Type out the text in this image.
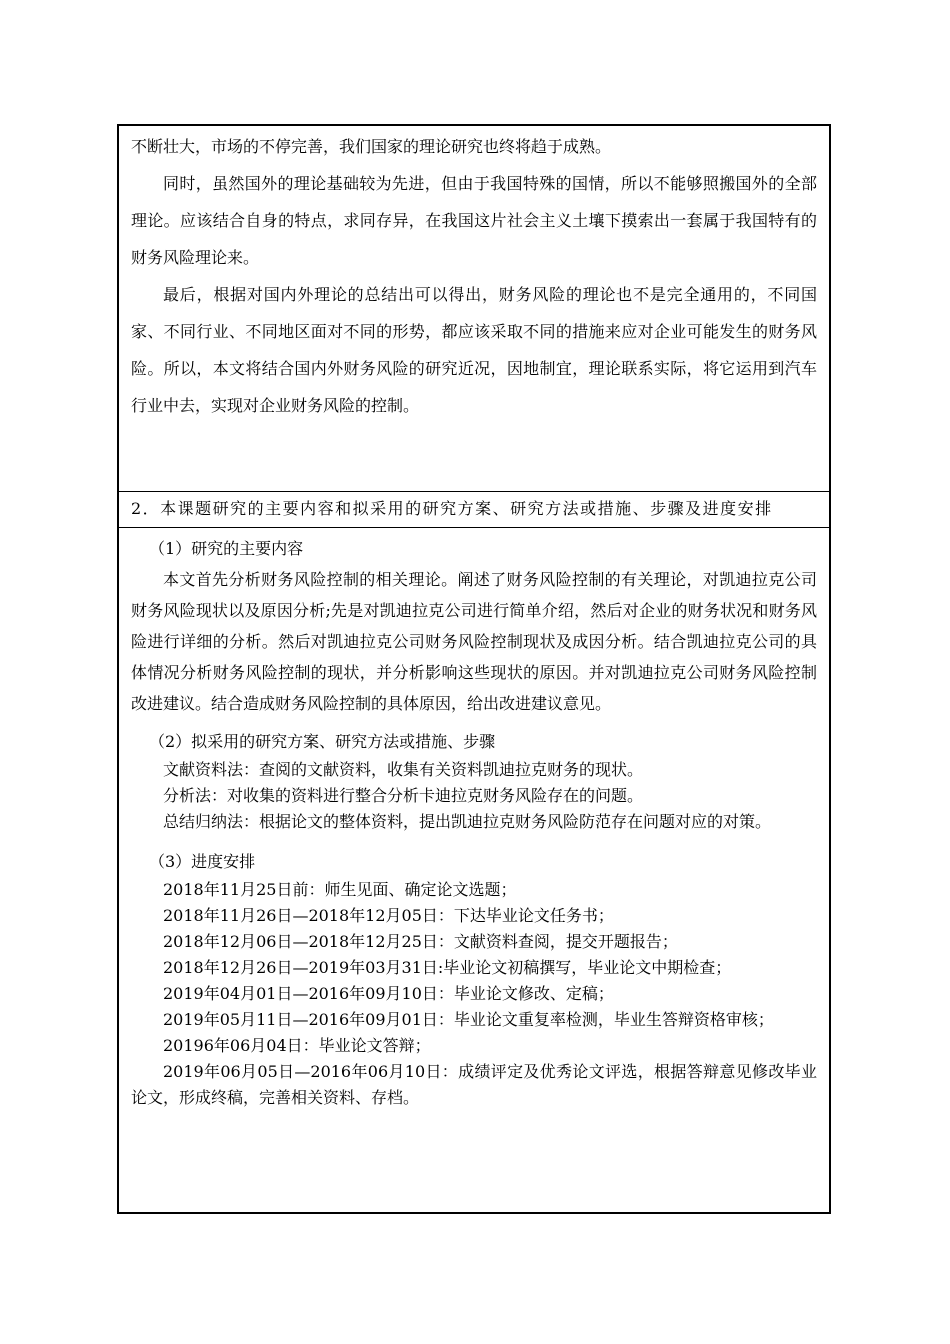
不断壮大，市场的不停完善，我们国家的理论研究也终将趋于成熟。

同时，虽然国外的理论基础较为先进，但由于我国特殊的国情，所以不能够照搬国外的全部理论。应该结合自身的特点，求同存异，在我国这片社会主义土壤下摸索出一套属于我国特有的财务风险理论来。

最后，根据对国内外理论的总结出可以得出，财务风险的理论也不是完全通用的，不同国家、不同行业、不同地区面对不同的形势，都应该采取不同的措施来应对企业可能发生的财务风险。所以，本文将结合国内外财务风险的研究近况，因地制宜，理论联系实际，将它运用到汽车行业中去，实现对企业财务风险的控制。

2．本课题研究的主要内容和拟采用的研究方案、研究方法或措施、步骤及进度安排

（1）研究的主要内容

本文首先分析财务风险控制的相关理论。阐述了财务风险控制的有关理论，对凯迪拉克公司财务风险现状以及原因分析;先是对凯迪拉克公司进行简单介绍，然后对企业的财务状况和财务风险进行详细的分析。然后对凯迪拉克公司财务风险控制现状及成因分析。结合凯迪拉克公司的具体情况分析财务风险控制的现状，并分析影响这些现状的原因。并对凯迪拉克公司财务风险控制改进建议。结合造成财务风险控制的具体原因，给出改进建议意见。

（2）拟采用的研究方案、研究方法或措施、步骤

文献资料法：查阅的文献资料，收集有关资料凯迪拉克财务的现状。

分析法：对收集的资料进行整合分析卡迪拉克财务风险存在的问题。

总结归纳法：根据论文的整体资料，提出凯迪拉克财务风险防范存在问题对应的对策。

（3）进度安排

2018年11月25日前：师生见面、确定论文选题；

2018年11月26日—2018年12月05日：下达毕业论文任务书；

2018年12月06日—2018年12月25日：文献资料查阅，提交开题报告；

2018年12月26日—2019年03月31日:毕业论文初稿撰写，毕业论文中期检查；

2019年04月01日—2016年09月10日：毕业论文修改、定稿；

2019年05月11日—2016年09月01日：毕业论文重复率检测，毕业生答辩资格审核；

20196年06月04日：毕业论文答辩；

2019年06月05日—2016年06月10日：成绩评定及优秀论文评选，根据答辩意见修改毕业论文，形成终稿，完善相关资料、存档。
